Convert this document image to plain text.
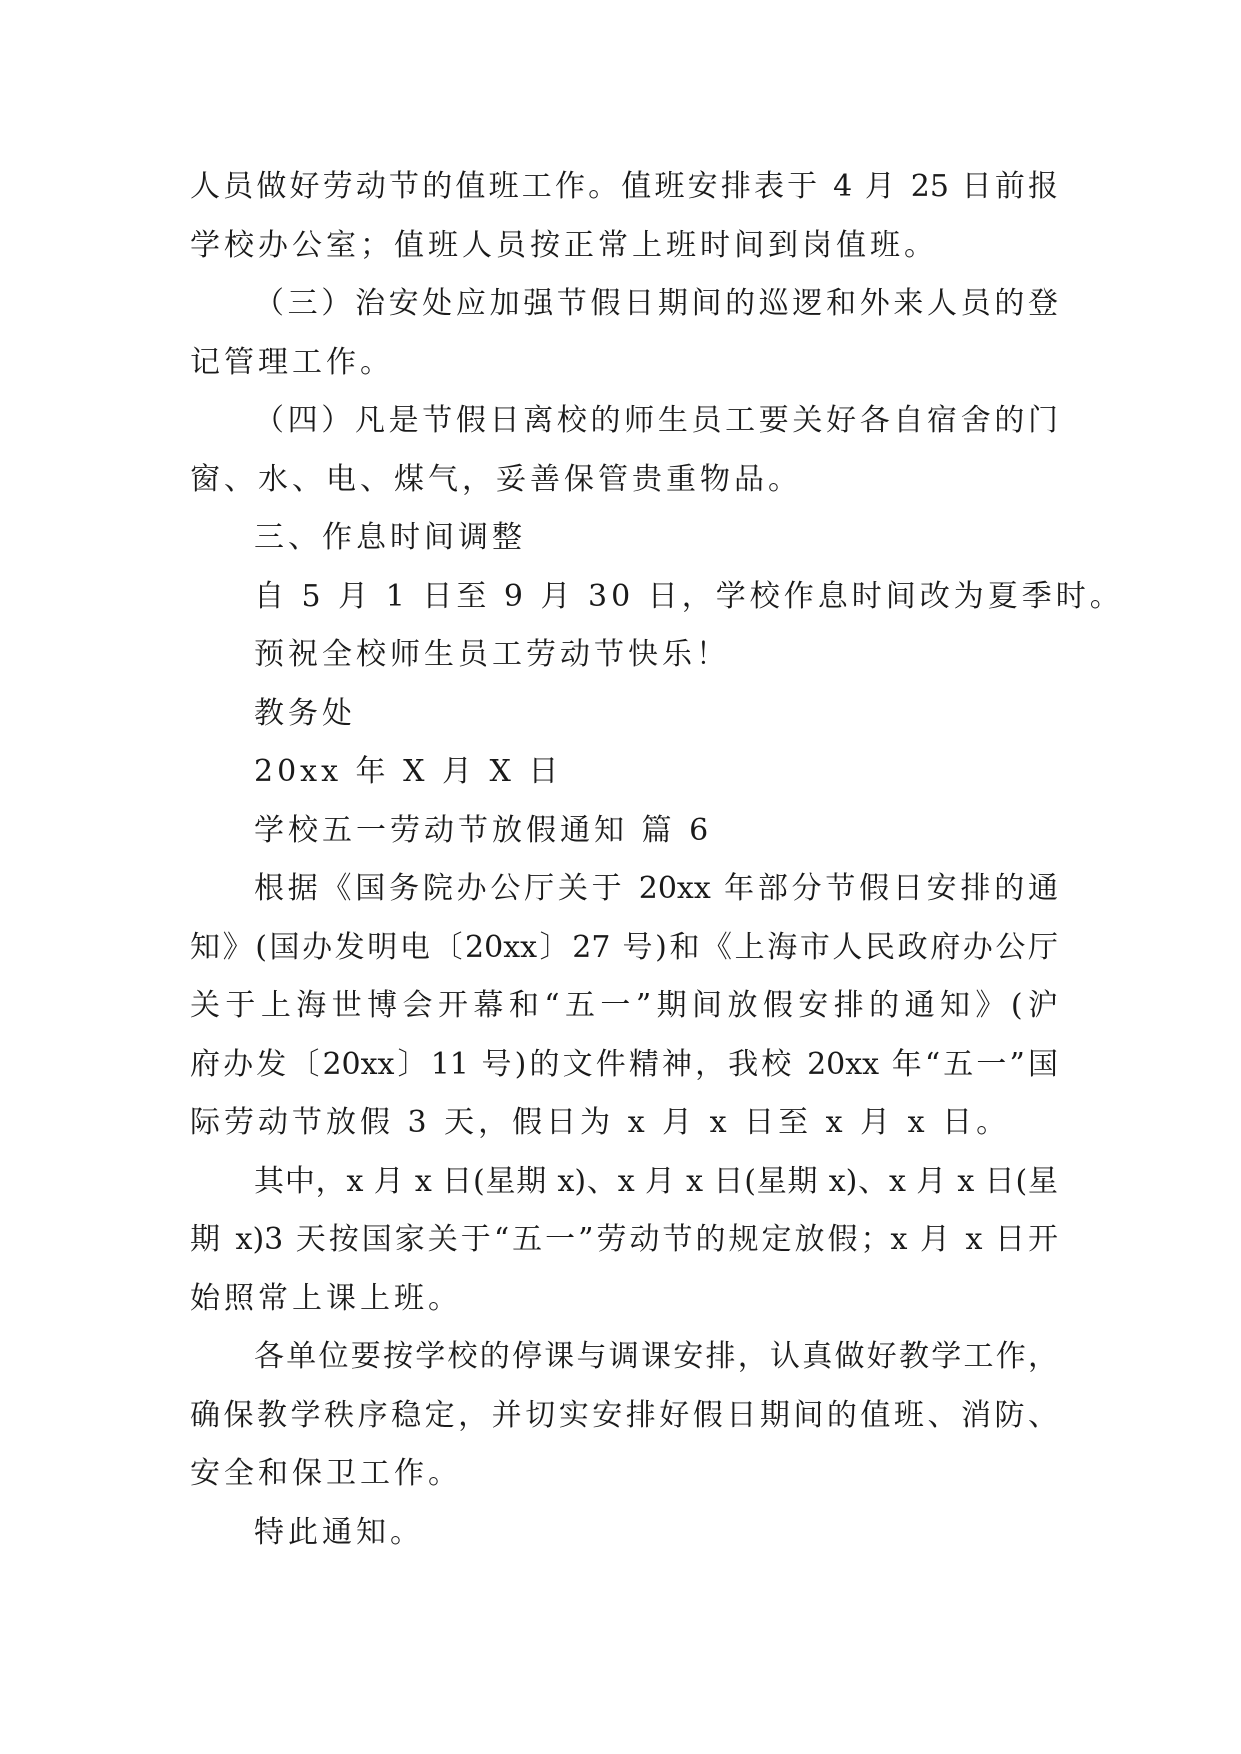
人员做好劳动节的值班工作。值班安排表于 4 月 25 日前报
学校办公室；值班人员按正常上班时间到岗值班。
（三）治安处应加强节假日期间的巡逻和外来人员的登
记管理工作。
（四）凡是节假日离校的师生员工要关好各自宿舍的门
窗、水、电、煤气，妥善保管贵重物品。
三、作息时间调整
自 5 月 1 日至 9 月 30 日，学校作息时间改为夏季时。
预祝全校师生员工劳动节快乐！
教务处
20xx 年 X 月 X 日
学校五一劳动节放假通知 篇 6
根据《国务院办公厅关于 20xx 年部分节假日安排的通
知》(国办发明电〔20xx〕27 号)和《上海市人民政府办公厅
关于上海世博会开幕和“五一”期间放假安排的通知》(沪
府办发〔20xx〕11 号)的文件精神，我校 20xx 年“五一”国
际劳动节放假 3 天，假日为 x 月 x 日至 x 月 x 日。
其中，x 月 x 日(星期 x)、x 月 x 日(星期 x)、x 月 x 日(星
期 x)3 天按国家关于“五一”劳动节的规定放假；x 月 x 日开
始照常上课上班。
各单位要按学校的停课与调课安排，认真做好教学工作，
确保教学秩序稳定，并切实安排好假日期间的值班、消防、
安全和保卫工作。
特此通知。
